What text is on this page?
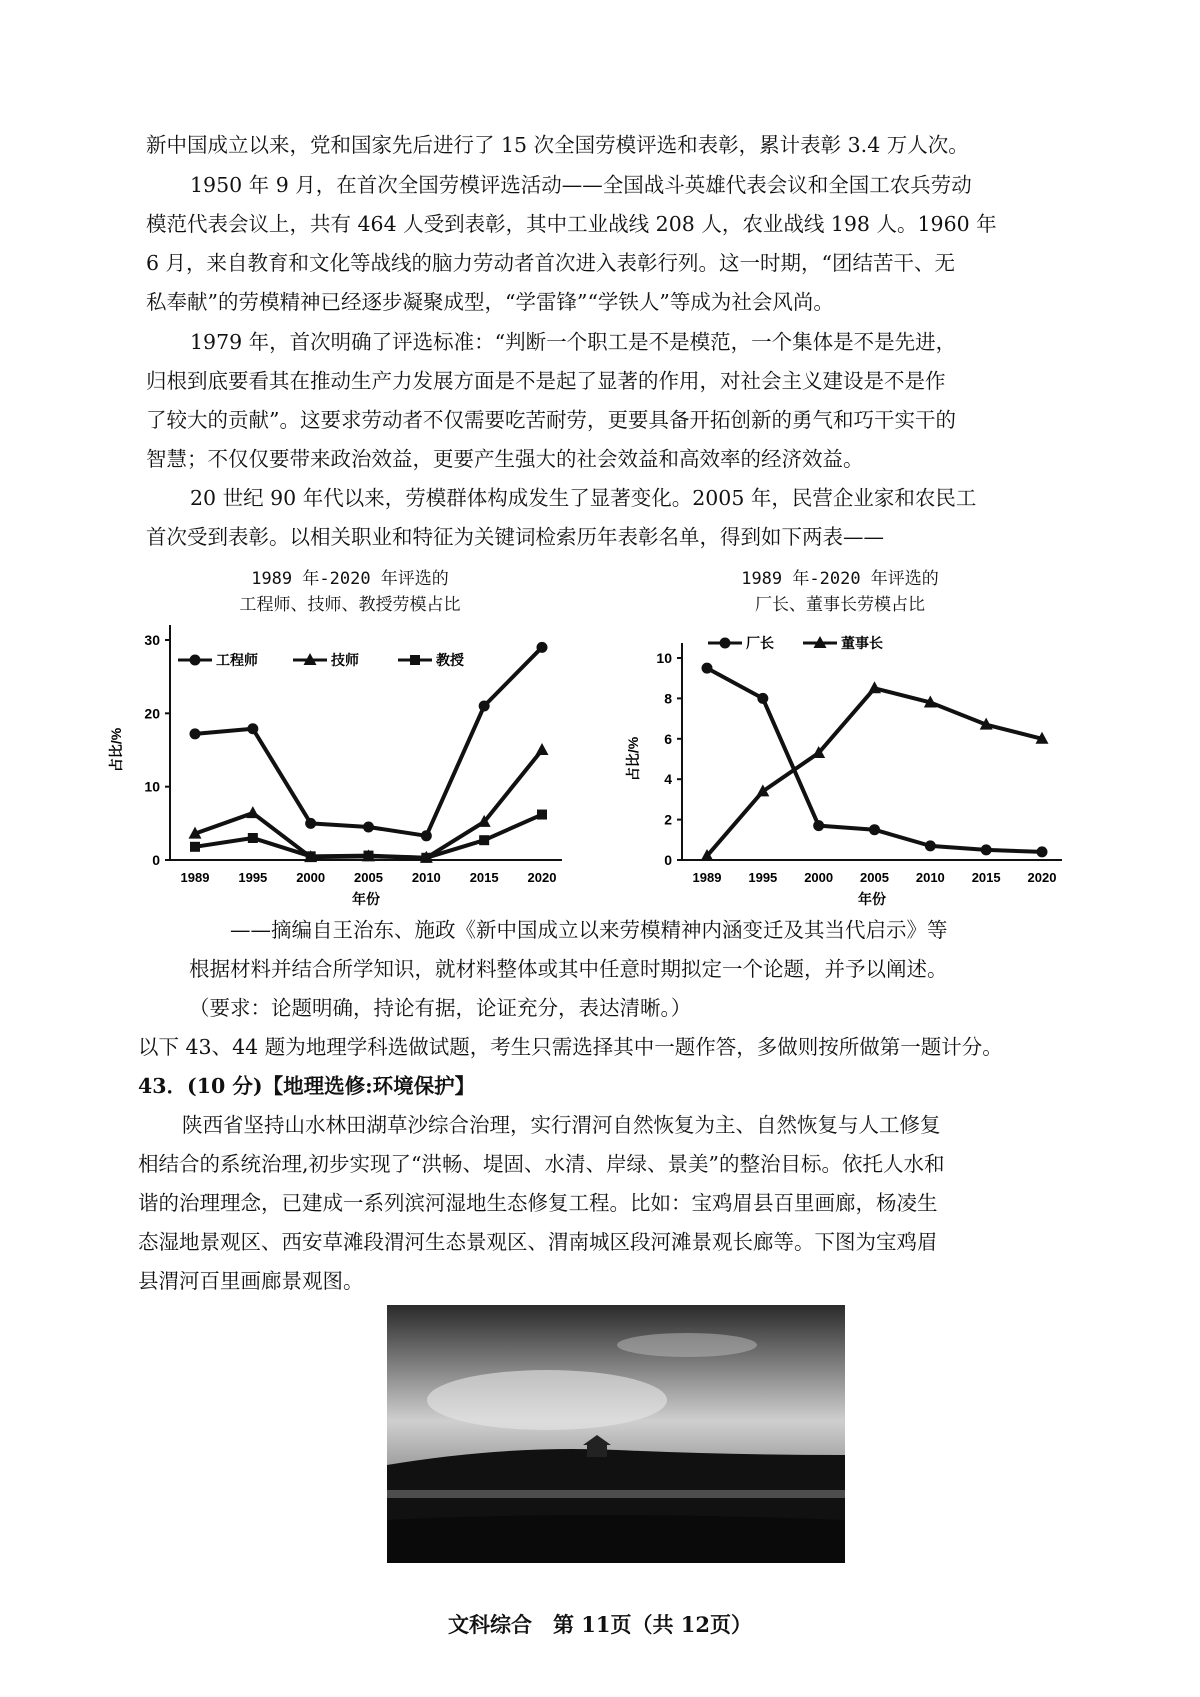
新中国成立以来，党和国家先后进行了 15 次全国劳模评选和表彰，累计表彰 3.4 万人次。
1950 年 9 月，在首次全国劳模评选活动——全国战斗英雄代表会议和全国工农兵劳动
模范代表会议上，共有 464 人受到表彰，其中工业战线 208 人，农业战线 198 人。1960 年
6 月，来自教育和文化等战线的脑力劳动者首次进入表彰行列。这一时期，“团结苦干、无
私奉献”的劳模精神已经逐步凝聚成型，“学雷锋”“学铁人”等成为社会风尚。
1979 年，首次明确了评选标准：“判断一个职工是不是模范，一个集体是不是先进，
归根到底要看其在推动生产力发展方面是不是起了显著的作用，对社会主义建设是不是作
了较大的贡献”。这要求劳动者不仅需要吃苦耐劳，更要具备开拓创新的勇气和巧干实干的
智慧；不仅仅要带来政治效益，更要产生强大的社会效益和高效率的经济效益。
20 世纪 90 年代以来，劳模群体构成发生了显著变化。2005 年，民营企业家和农民工
首次受到表彰。以相关职业和特征为关键词检索历年表彰名单，得到如下两表——
1989 年-2020 年评选的
工程师、技师、教授劳模占比
1989 年-2020 年评选的
厂长、董事长劳模占比
0
10
20
30
1989 1995 2000 2005 2010 2015 2020
年份
占比/%
工程师	技师	教授
0
2
4
6
8
10
1989 1995 2000 2005 2010 2015 2020
年份
占比/%
厂长	董事长
——摘编自王治东、施政《新中国成立以来劳模精神内涵变迁及其当代启示》等
根据材料并结合所学知识，就材料整体或其中任意时期拟定一个论题，并予以阐述。
（要求：论题明确，持论有据，论证充分，表达清晰。）
以下 43、44 题为地理学科选做试题，考生只需选择其中一题作答，多做则按所做第一题计分。
43．(10 分)【地理选修:环境保护】
陕西省坚持山水林田湖草沙综合治理，实行渭河自然恢复为主、自然恢复与人工修复
相结合的系统治理,初步实现了“洪畅、堤固、水清、岸绿、景美”的整治目标。依托人水和
谐的治理理念，已建成一系列滨河湿地生态修复工程。比如：宝鸡眉县百里画廊，杨凌生
态湿地景观区、西安草滩段渭河生态景观区、渭南城区段河滩景观长廊等。下图为宝鸡眉
县渭河百里画廊景观图。
文科综合　第 11页（共 12页）
